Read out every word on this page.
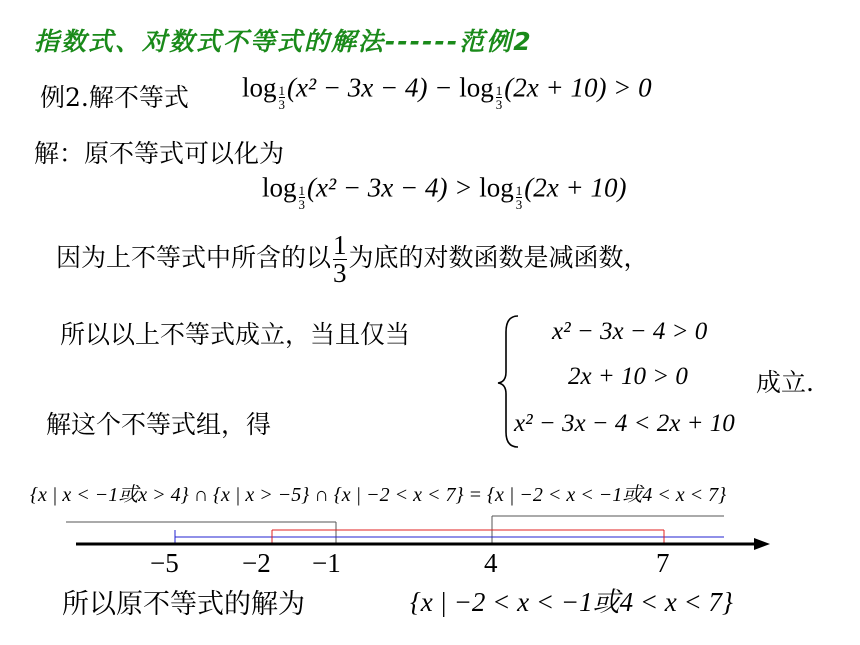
指数式、对数式不等式的解法------范例2
例2.解不等式 $\log \frac{1}{3} (x^2 - 3x - 4) - \log \frac{1}{3} (2x + 10) > 0$
解：原不等式可以化为
$\log \frac{1}{3} (x^2 - 3x - 4) > \log \frac{1}{3} (2x + 10)$
因为上不等式中所含的以 $\frac{1}{3}$ 为底的对数函数是减函数，
所以以上不等式成立，当且仅当	x² − 3x − 4 > 0
2x + 10 > 0
x² − 3x − 4 < 2x + 10
成立.
解这个不等式组，得
{x | x < −1或x > 4} ∩ {x | x > −5} ∩ {x | −2 < x < 7} = {x | −2 < x < −1或4 < x < 7}
−5 −2 −1	4	7
所以原不等式的解为	{x | −2 < x < −1或4 < x < 7}
